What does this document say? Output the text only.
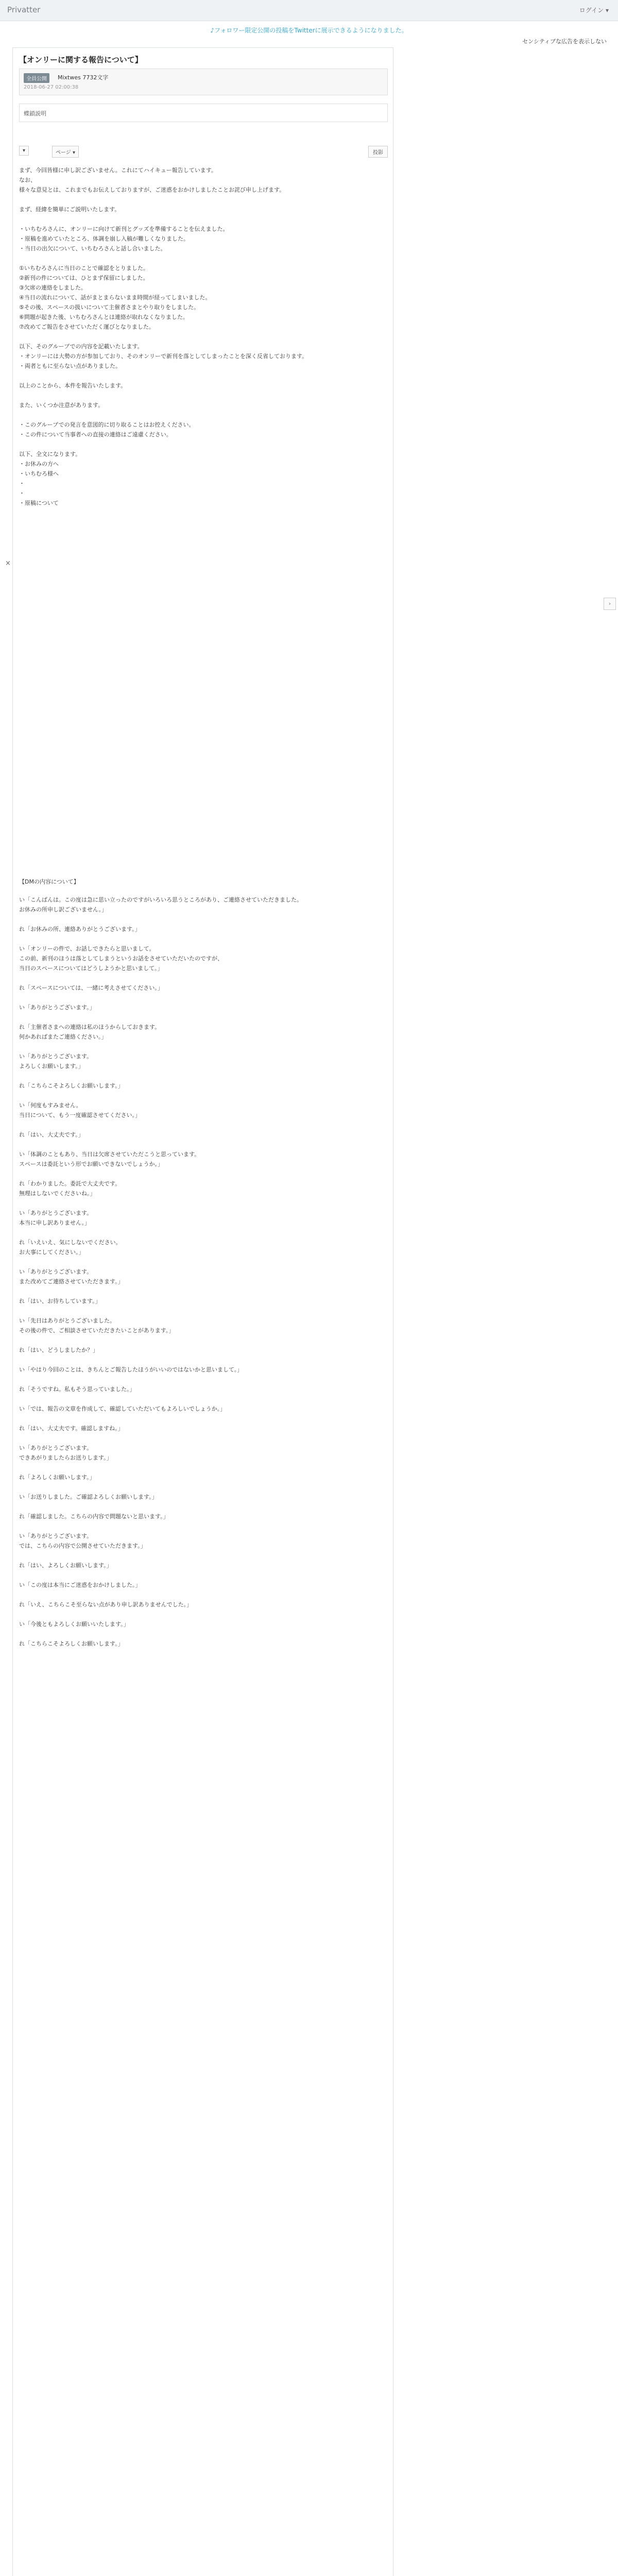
Privatter	ログイン ▾
♪フォロワー限定公開の投稿をTwitterに展示できるようになりました。
センシティブな広告を表示しない
【オンリーに関する報告について】
全員公開	Mixtwes 7732文字
2018-06-27 02:00:38
蝶鎖説明
▾	ページ ▾	投影
まず、今回皆様に申し訳ございません。これにてハイキュー報告しています。
なお、
様々な意見とは、これまでもお伝えしておりますが、ご迷惑をおかけしましたことお詫び申し上げます。

まず、経緯を簡単にご説明いたします。

・いちむろさんに、オンリーに向けて新刊とグッズを準備することを伝えました。
・原稿を進めていたところ、体調を崩し入稿が難しくなりました。
・当日の出欠について、いちむろさんと話し合いました。

①いちむろさんに当日のことで確認をとりました。
②新刊の件については、ひとまず保留にしました。
③欠席の連絡をしました。
④当日の流れについて、話がまとまらないまま時間が経ってしまいました。
⑤その後、スペースの扱いについて主催者さまとやり取りをしました。
⑥問題が起きた後、いちむろさんとは連絡が取れなくなりました。
⑦改めてご報告をさせていただく運びとなりました。

以下、そのグループでの内容を記載いたします。
・オンリーには大勢の方が参加しており、そのオンリーで新刊を落としてしまったことを深く反省しております。
・両者ともに至らない点がありました。

以上のことから、本件を報告いたします。

また、いくつか注意があります。

・このグループでの発言を意図的に切り取ることはお控えください。
・この件について当事者への直接の連絡はご遠慮ください。

以下、全文になります。
・お休みの方へ
・いちむろ様へ
・
・
・原稿について
【DMの内容について】
い「こんばんは。この度は急に思い立ったのですがいろいろ思うところがあり、ご連絡させていただきました。
お休みの所申し訳ございません。」

れ「お休みの所、連絡ありがとうございます。」

い「オンリーの件で、お話しできたらと思いまして。
この前、新刊のほうは落としてしまうというお話をさせていただいたのですが、
当日のスペースについてはどうしようかと思いまして。」

れ「スペースについては、一緒に考えさせてください。」

い「ありがとうございます。」

れ「主催者さまへの連絡は私のほうからしておきます。
何かあればまたご連絡ください。」

い「ありがとうございます。
よろしくお願いします。」

れ「こちらこそよろしくお願いします。」

い「何度もすみません。
当日について、もう一度確認させてください。」

れ「はい、大丈夫です。」

い「体調のこともあり、当日は欠席させていただこうと思っています。
スペースは委託という形でお願いできないでしょうか。」

れ「わかりました。委託で大丈夫です。
無理はしないでくださいね。」

い「ありがとうございます。
本当に申し訳ありません。」

れ「いえいえ、気にしないでください。
お大事にしてください。」

い「ありがとうございます。
また改めてご連絡させていただきます。」

れ「はい、お待ちしています。」

い「先日はありがとうございました。
その後の件で、ご相談させていただきたいことがあります。」

れ「はい、どうしましたか？」

い「やはり今回のことは、きちんとご報告したほうがいいのではないかと思いまして。」

れ「そうですね。私もそう思っていました。」

い「では、報告の文章を作成して、確認していただいてもよろしいでしょうか。」

れ「はい、大丈夫です。確認しますね。」

い「ありがとうございます。
できあがりましたらお送りします。」

れ「よろしくお願いします。」

い「お送りしました。ご確認よろしくお願いします。」

れ「確認しました。こちらの内容で問題ないと思います。」

い「ありがとうございます。
では、こちらの内容で公開させていただきます。」

れ「はい、よろしくお願いします。」

い「この度は本当にご迷惑をおかけしました。」

れ「いえ、こちらこそ至らない点があり申し訳ありませんでした。」

い「今後ともよろしくお願いいたします。」

れ「こちらこそよろしくお願いします。」
×
›
